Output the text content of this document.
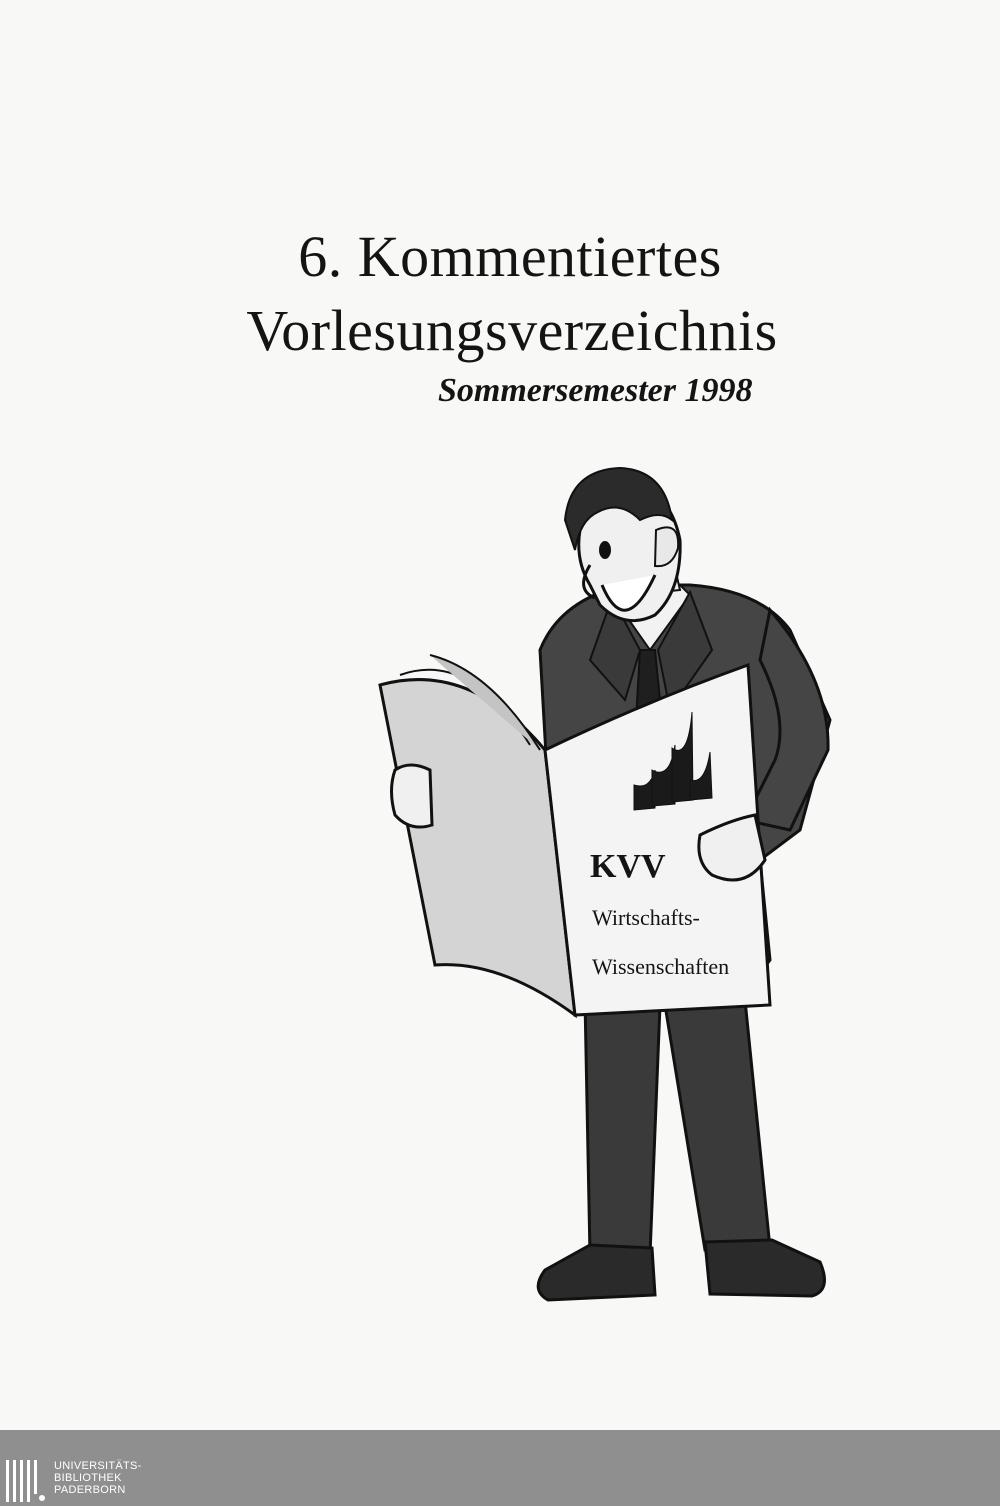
6. Kommentiertes
Vorlesungsverzeichnis
Sommersemester 1998
KVV
Wirtschafts-
Wissenschaften
UNIVERSITÄTS-
BIBLIOTHEK
PADERBORN
